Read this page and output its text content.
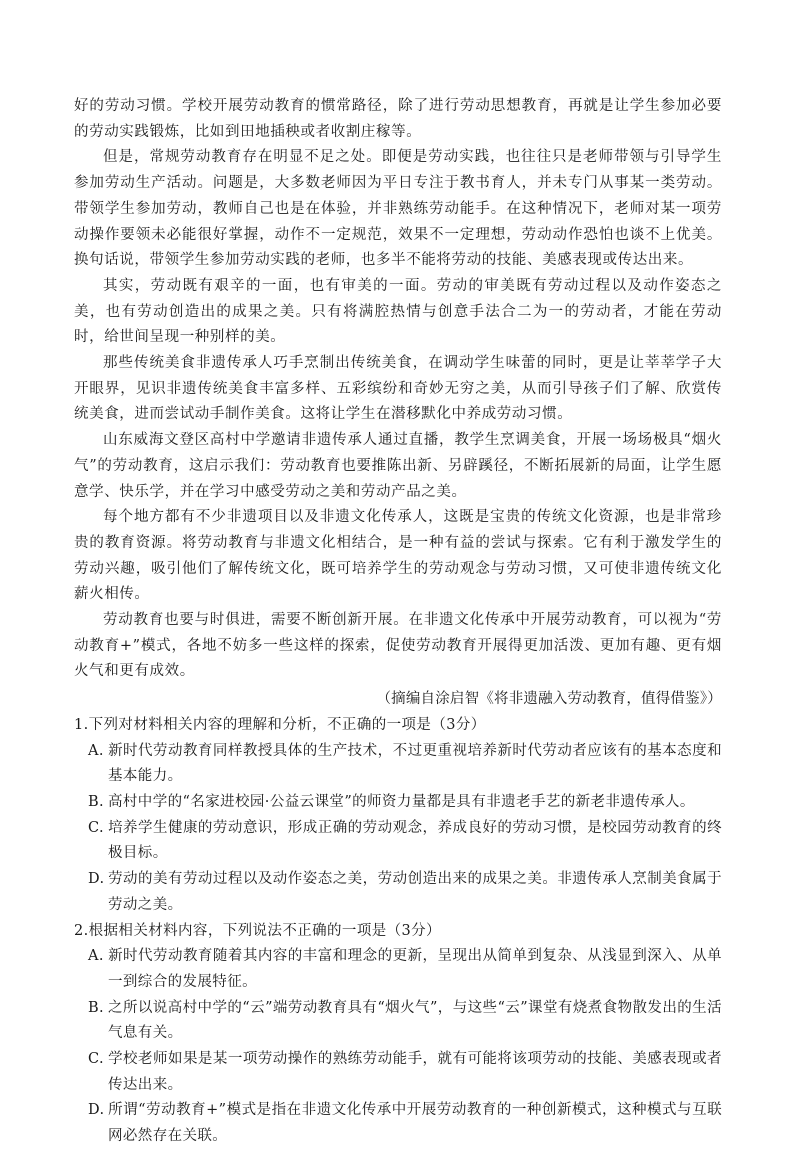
好的劳动习惯。学校开展劳动教育的惯常路径，除了进行劳动思想教育，再就是让学生参加必要的劳动实践锻炼，比如到田地插秧或者收割庄稼等。

但是，常规劳动教育存在明显不足之处。即便是劳动实践，也往往只是老师带领与引导学生参加劳动生产活动。问题是，大多数老师因为平日专注于教书育人，并未专门从事某一类劳动。带领学生参加劳动，教师自己也是在体验，并非熟练劳动能手。在这种情况下，老师对某一项劳动操作要领未必能很好掌握，动作不一定规范，效果不一定理想，劳动动作恐怕也谈不上优美。换句话说，带领学生参加劳动实践的老师，也多半不能将劳动的技能、美感表现或传达出来。

其实，劳动既有艰辛的一面，也有审美的一面。劳动的审美既有劳动过程以及动作姿态之美，也有劳动创造出的成果之美。只有将满腔热情与创意手法合二为一的劳动者，才能在劳动时，给世间呈现一种别样的美。

那些传统美食非遗传承人巧手烹制出传统美食，在调动学生味蕾的同时，更是让莘莘学子大开眼界，见识非遗传统美食丰富多样、五彩缤纷和奇妙无穷之美，从而引导孩子们了解、欣赏传统美食，进而尝试动手制作美食。这将让学生在潜移默化中养成劳动习惯。

山东威海文登区高村中学邀请非遗传承人通过直播，教学生烹调美食，开展一场场极具“烟火气”的劳动教育，这启示我们：劳动教育也要推陈出新、另辟蹊径，不断拓展新的局面，让学生愿意学、快乐学，并在学习中感受劳动之美和劳动产品之美。

每个地方都有不少非遗项目以及非遗文化传承人，这既是宝贵的传统文化资源，也是非常珍贵的教育资源。将劳动教育与非遗文化相结合，是一种有益的尝试与探索。它有利于激发学生的劳动兴趣，吸引他们了解传统文化，既可培养学生的劳动观念与劳动习惯，又可使非遗传统文化薪火相传。

劳动教育也要与时俱进，需要不断创新开展。在非遗文化传承中开展劳动教育，可以视为“劳动教育+”模式，各地不妨多一些这样的探索，促使劳动教育开展得更加活泼、更加有趣、更有烟火气和更有成效。

（摘编自涂启智《将非遗融入劳动教育，值得借鉴》）

1.下列对材料相关内容的理解和分析，不正确的一项是（3分）

A. 新时代劳动教育同样教授具体的生产技术，不过更重视培养新时代劳动者应该有的基本态度和基本能力。

B. 高村中学的“名家进校园·公益云课堂”的师资力量都是具有非遗老手艺的新老非遗传承人。

C. 培养学生健康的劳动意识，形成正确的劳动观念，养成良好的劳动习惯，是校园劳动教育的终极目标。

D. 劳动的美有劳动过程以及动作姿态之美，劳动创造出来的成果之美。非遗传承人烹制美食属于劳动之美。

2.根据相关材料内容，下列说法不正确的一项是（3分）

A. 新时代劳动教育随着其内容的丰富和理念的更新，呈现出从简单到复杂、从浅显到深入、从单一到综合的发展特征。

B. 之所以说高村中学的“云”端劳动教育具有“烟火气”，与这些“云”课堂有烧煮食物散发出的生活气息有关。

C. 学校老师如果是某一项劳动操作的熟练劳动能手，就有可能将该项劳动的技能、美感表现或者传达出来。

D. 所谓“劳动教育+”模式是指在非遗文化传承中开展劳动教育的一种创新模式，这种模式与互联网必然存在关联。
